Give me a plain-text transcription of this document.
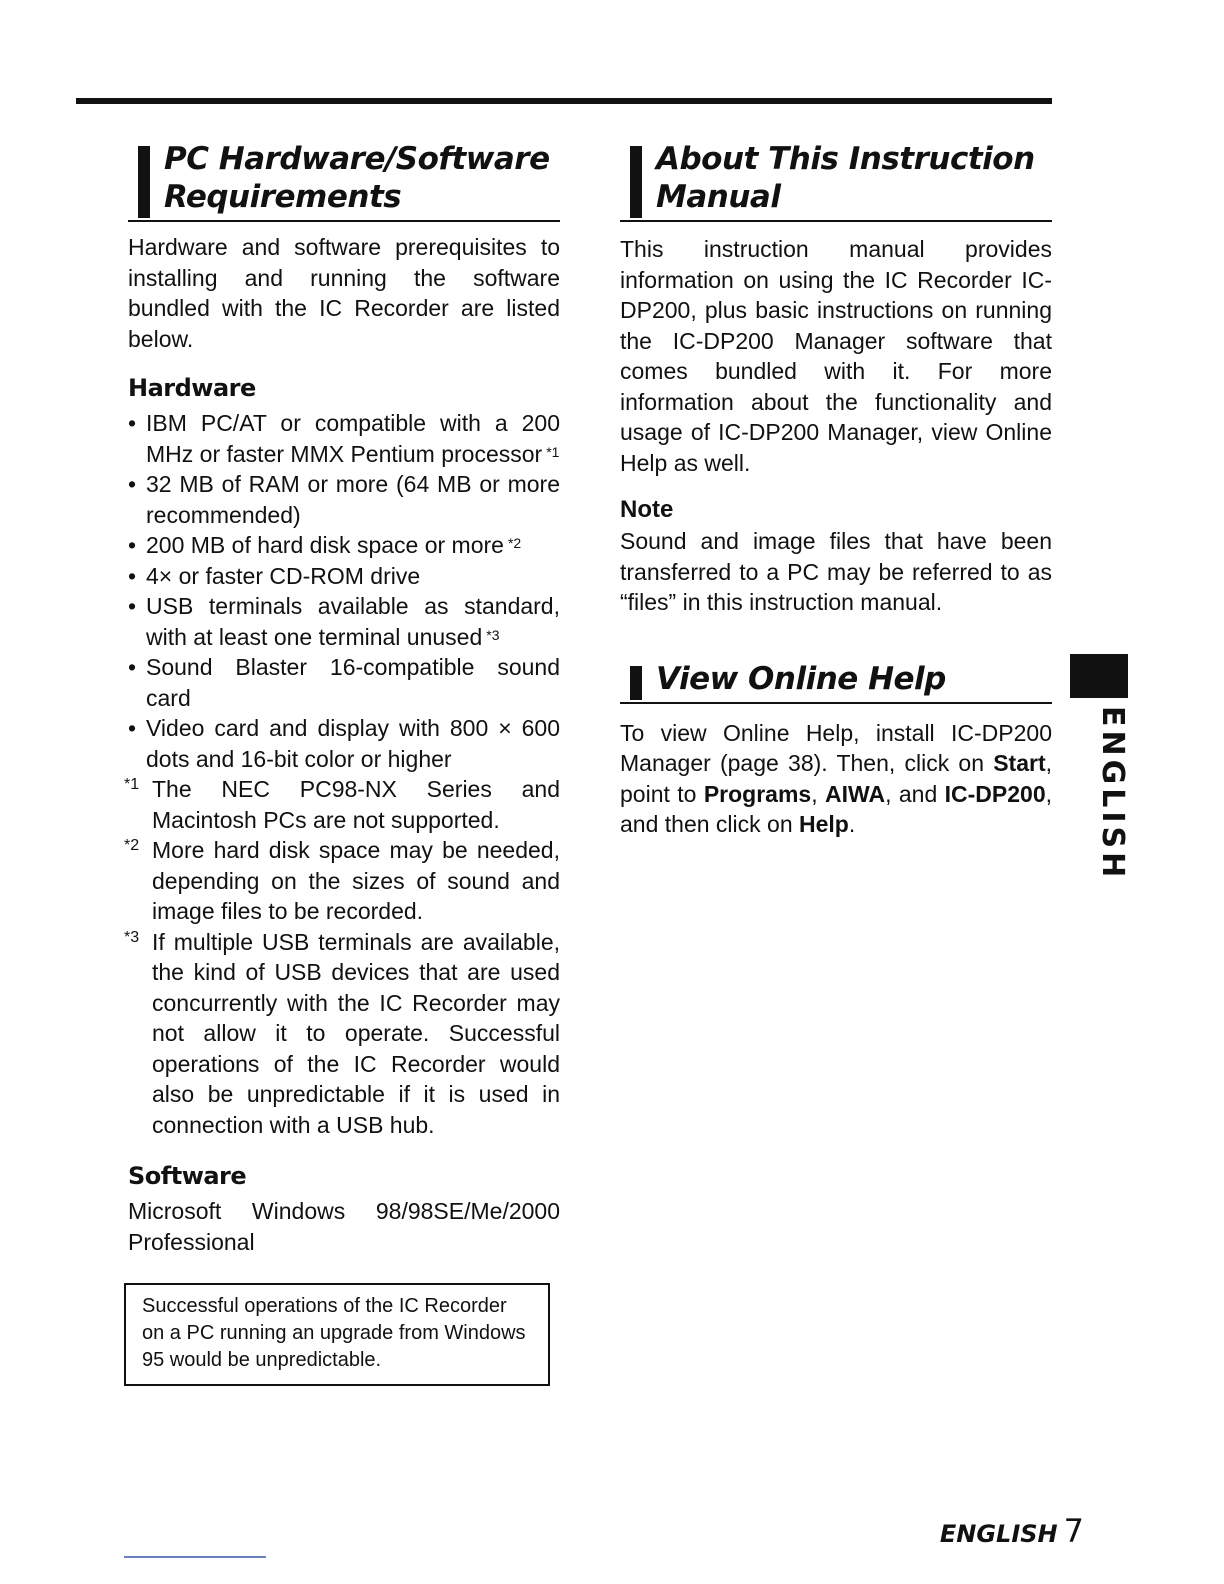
PC Hardware/Software
Requirements

Hardware and software prerequisites to installing and running the software bundled with the IC Recorder are listed below.

Hardware
• IBM PC/AT or compatible with a 200 MHz or faster MMX Pentium processor $^{*1}$
• 32 MB of RAM or more (64 MB or more recommended)
• 200 MB of hard disk space or more $^{*2}$
• 4× or faster CD-ROM drive
• USB terminals available as standard, with at least one terminal unused $^{*3}$
• Sound Blaster 16-compatible sound card
• Video card and display with 800 × 600 dots and 16-bit color or higher
*1 The NEC PC98-NX Series and Macintosh PCs are not supported.
*2 More hard disk space may be needed, depending on the sizes of sound and image files to be recorded.
*3 If multiple USB terminals are available, the kind of USB devices that are used concurrently with the IC Recorder may not allow it to operate. Successful operations of the IC Recorder would also be unpredictable if it is used in connection with a USB hub.
Software

Microsoft Windows 98/98SE/Me/2000 Professional

Successful operations of the IC Recorder on a PC running an upgrade from Windows 95 would be unpredictable.
About This Instruction
Manual

This instruction manual provides information on using the IC Recorder IC-DP200, plus basic instructions on running the IC-DP200 Manager software that comes bundled with it. For more information about the functionality and usage of IC-DP200 Manager, view Online Help as well.

Note

Sound and image files that have been transferred to a PC may be referred to as “files” in this instruction manual.

View Online Help

To view Online Help, install IC-DP200 Manager (page 38). Then, click on Start, point to Programs, AIWA, and IC-DP200, and then click on Help.	ENGLISH
ENGLISH 7
